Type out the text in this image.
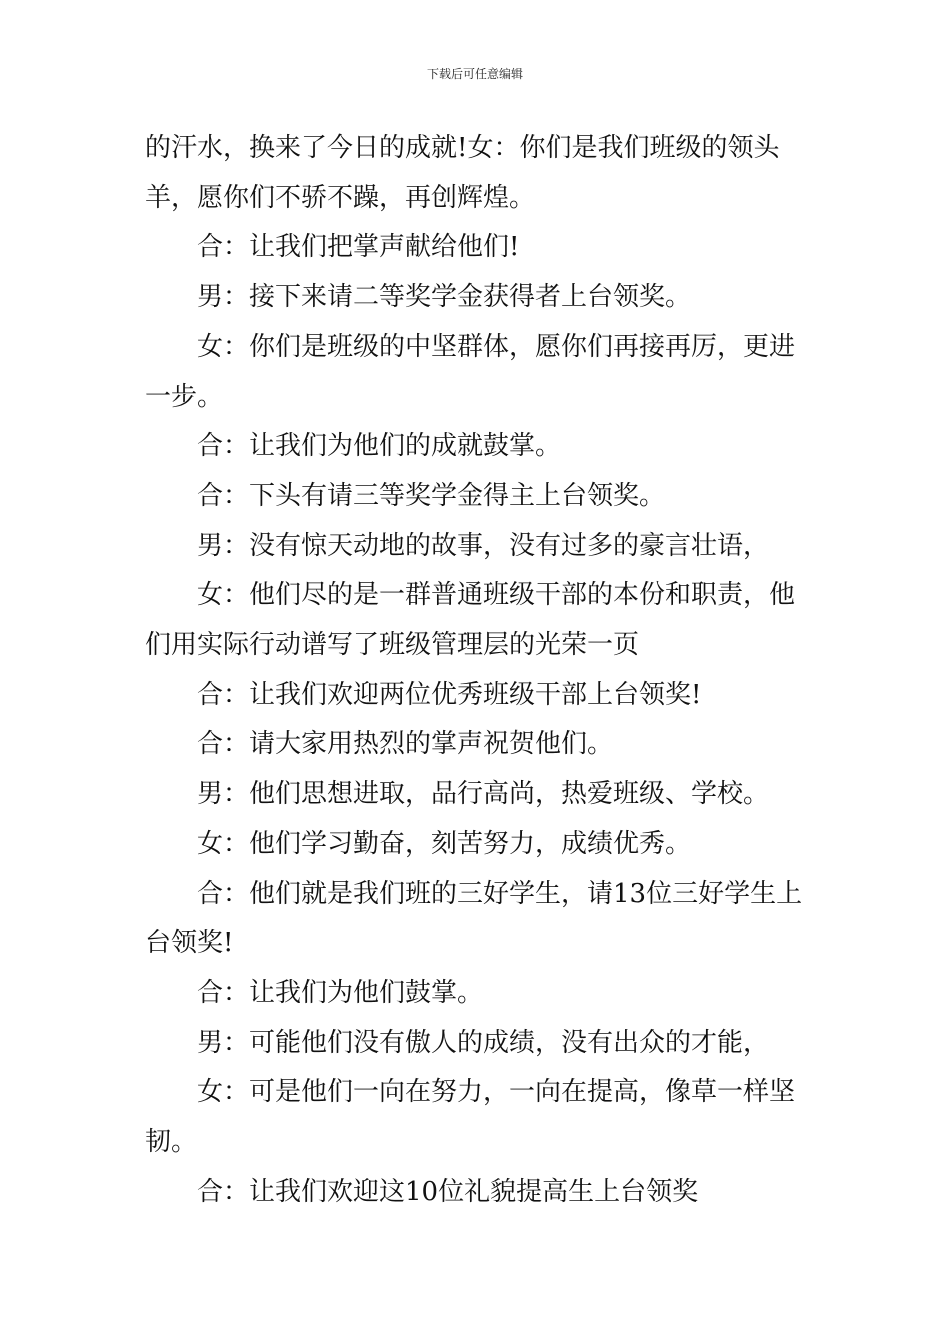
下载后可任意编辑

的汗水，换来了今日的成就!女：你们是我们班级的领头羊，愿你们不骄不躁，再创辉煌。

合：让我们把掌声献给他们!

男：接下来请二等奖学金获得者上台领奖。

女：你们是班级的中坚群体，愿你们再接再厉，更进一步。

合：让我们为他们的成就鼓掌。

合：下头有请三等奖学金得主上台领奖。

男：没有惊天动地的故事，没有过多的豪言壮语，

女：他们尽的是一群普通班级干部的本份和职责，他们用实际行动谱写了班级管理层的光荣一页

合：让我们欢迎两位优秀班级干部上台领奖!

合：请大家用热烈的掌声祝贺他们。

男：他们思想进取，品行高尚，热爱班级、学校。

女：他们学习勤奋，刻苦努力，成绩优秀。

合：他们就是我们班的三好学生，请13位三好学生上台领奖!

合：让我们为他们鼓掌。

男：可能他们没有傲人的成绩，没有出众的才能，

女：可是他们一向在努力，一向在提高，像草一样坚韧。

合：让我们欢迎这10位礼貌提高生上台领奖
